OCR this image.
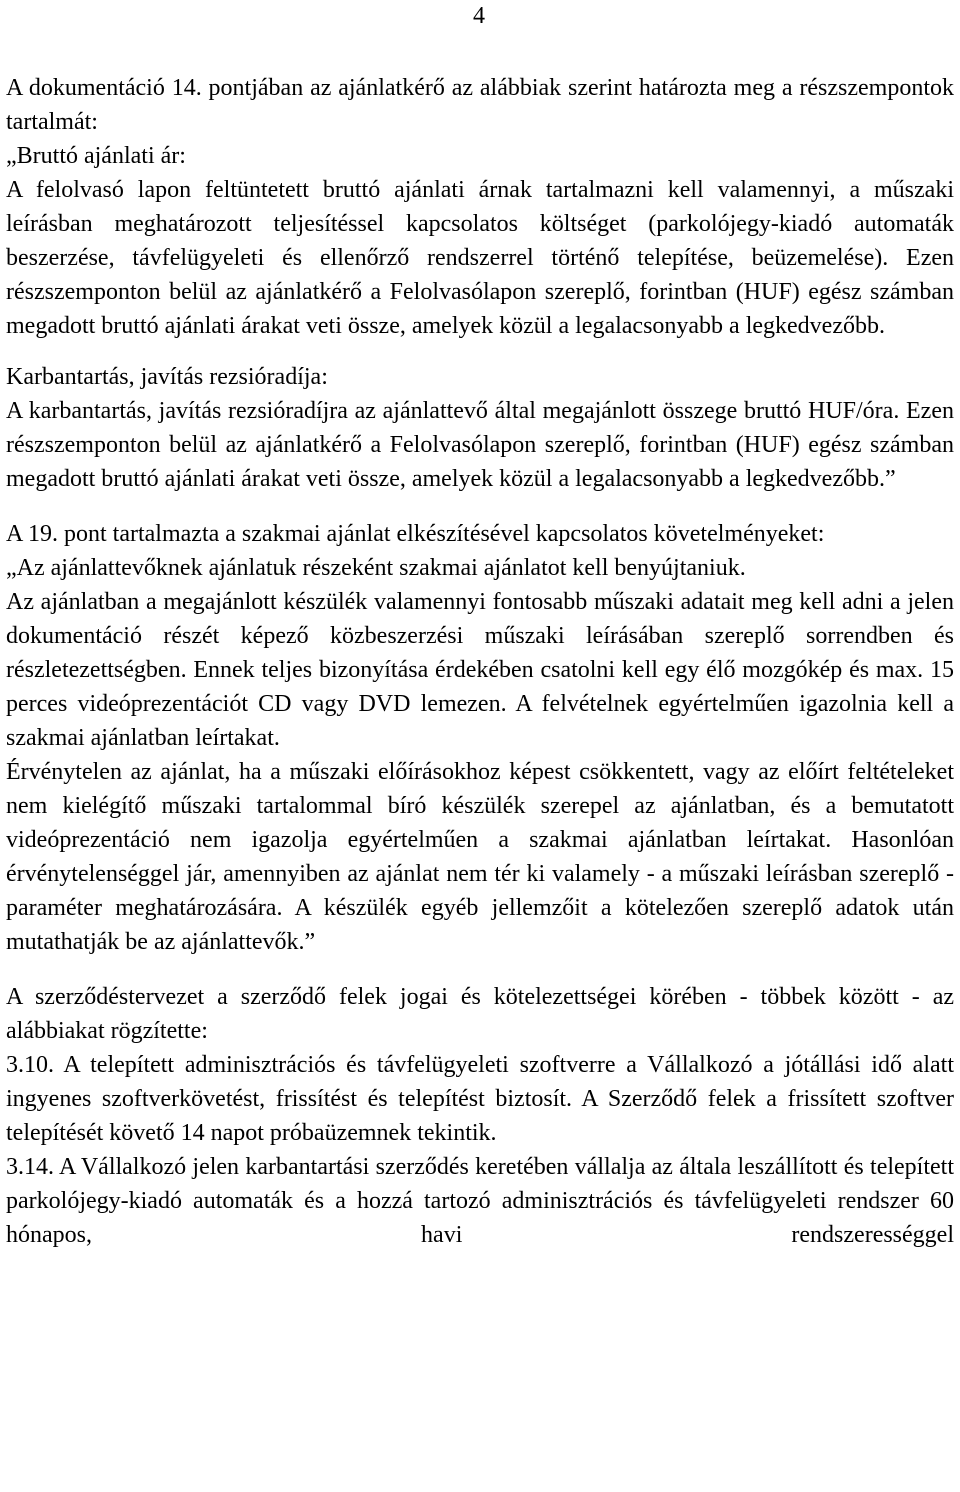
4

A dokumentáció 14. pontjában az ajánlatkérő az alábbiak szerint határozta meg a részszempontok tartalmát:

„Bruttó ajánlati ár:

A felolvasó lapon feltüntetett bruttó ajánlati árnak tartalmazni kell valamennyi, a műszaki leírásban meghatározott teljesítéssel kapcsolatos költséget (parkolójegy-kiadó automaták beszerzése, távfelügyeleti és ellenőrző rendszerrel történő telepítése, beüzemelése). Ezen részszemponton belül az ajánlatkérő a Felolvasólapon szereplő, forintban (HUF) egész számban megadott bruttó ajánlati árakat veti össze, amelyek közül a legalacsonyabb a legkedvezőbb.

Karbantartás, javítás rezsióradíja:

A karbantartás, javítás rezsióradíjra az ajánlattevő által megajánlott összege bruttó HUF/óra. Ezen részszemponton belül az ajánlatkérő a Felolvasólapon szereplő, forintban (HUF) egész számban megadott bruttó ajánlati árakat veti össze, amelyek közül a legalacsonyabb a legkedvezőbb.”

A 19. pont tartalmazta a szakmai ajánlat elkészítésével kapcsolatos követelményeket:

„Az ajánlattevőknek ajánlatuk részeként szakmai ajánlatot kell benyújtaniuk.

Az ajánlatban a megajánlott készülék valamennyi fontosabb műszaki adatait meg kell adni a jelen dokumentáció részét képező közbeszerzési műszaki leírásában szereplő sorrendben és részletezettségben. Ennek teljes bizonyítása érdekében csatolni kell egy élő mozgókép és max. 15 perces videóprezentációt CD vagy DVD lemezen. A felvételnek egyértelműen igazolnia kell a szakmai ajánlatban leírtakat.

Érvénytelen az ajánlat, ha a műszaki előírásokhoz képest csökkentett, vagy az előírt feltételeket nem kielégítő műszaki tartalommal bíró készülék szerepel az ajánlatban, és a bemutatott videóprezentáció nem igazolja egyértelműen a szakmai ajánlatban leírtakat. Hasonlóan érvénytelenséggel jár, amennyiben az ajánlat nem tér ki valamely - a műszaki leírásban szereplő - paraméter meghatározására. A készülék egyéb jellemzőit a kötelezően szereplő adatok után mutathatják be az ajánlattevők.”

A szerződéstervezet a szerződő felek jogai és kötelezettségei körében - többek között - az alábbiakat rögzítette:

3.10. A telepített adminisztrációs és távfelügyeleti szoftverre a Vállalkozó a jótállási idő alatt ingyenes szoftverkövetést, frissítést és telepítést biztosít. A Szerződő felek a frissített szoftver telepítését követő 14 napot próbaüzemnek tekintik.

3.14. A Vállalkozó jelen karbantartási szerződés keretében vállalja az általa leszállított és telepített parkolójegy-kiadó automaták és a hozzá tartozó adminisztrációs és távfelügyeleti rendszer 60 hónapos, havi rendszerességgel
